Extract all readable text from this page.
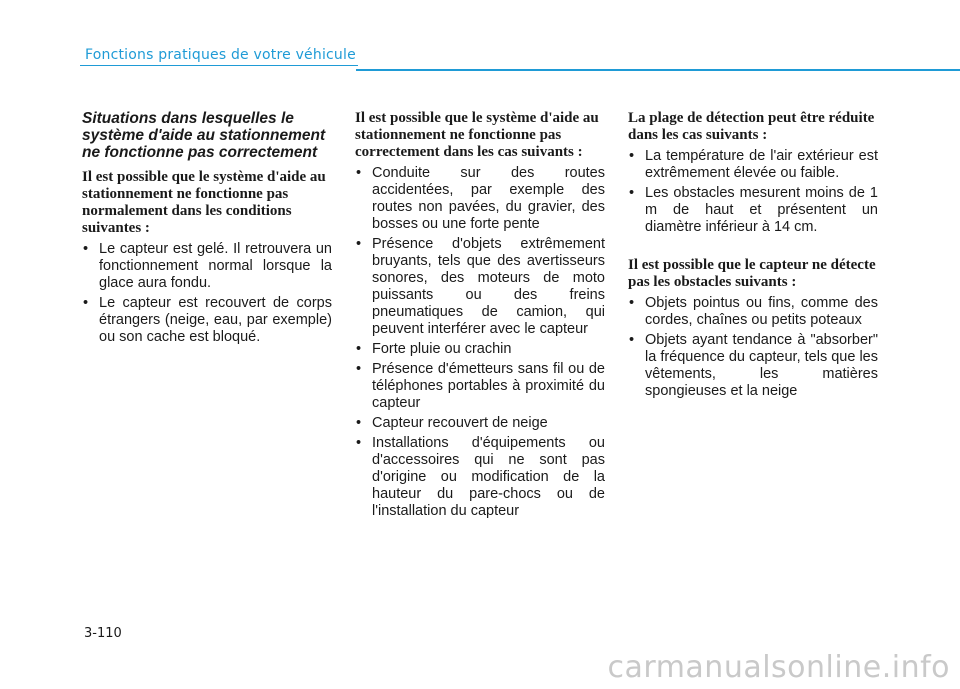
Fonctions pratiques de votre véhicule
Situations dans lesquelles le système d'aide au stationnement ne fonctionne pas correctement

Il est possible que le système d'aide au stationnement ne fonctionne pas normalement dans les conditions suivantes :

• Le capteur est gelé. Il retrouvera un fonctionnement normal lorsque la glace aura fondu.
• Le capteur est recouvert de corps étrangers (neige, eau, par exemple) ou son cache est bloqué.

Il est possible que le système d'aide au stationnement ne fonctionne pas correctement dans les cas suivants :

• Conduite sur des routes accidentées, par exemple des routes non pavées, du gravier, des bosses ou une forte pente
• Présence d'objets extrêmement bruyants, tels que des avertisseurs sonores, des moteurs de moto puissants ou des freins pneumatiques de camion, qui peuvent interférer avec le capteur
• Forte pluie ou crachin
• Présence d'émetteurs sans fil ou de téléphones portables à proximité du capteur
• Capteur recouvert de neige
• Installations d'équipements ou d'accessoires qui ne sont pas d'origine ou modification de la hauteur du pare-chocs ou de l'installation du capteur

La plage de détection peut être réduite dans les cas suivants :

• La température de l'air extérieur est extrêmement élevée ou faible.
• Les obstacles mesurent moins de 1 m de haut et présentent un diamètre inférieur à 14 cm.

Il est possible que le capteur ne détecte pas les obstacles suivants :

• Objets pointus ou fins, comme des cordes, chaînes ou petits poteaux
• Objets ayant tendance à "absorber" la fréquence du capteur, tels que les vêtements, les matières spongieuses et la neige
3-110
carmanualsonline.info
